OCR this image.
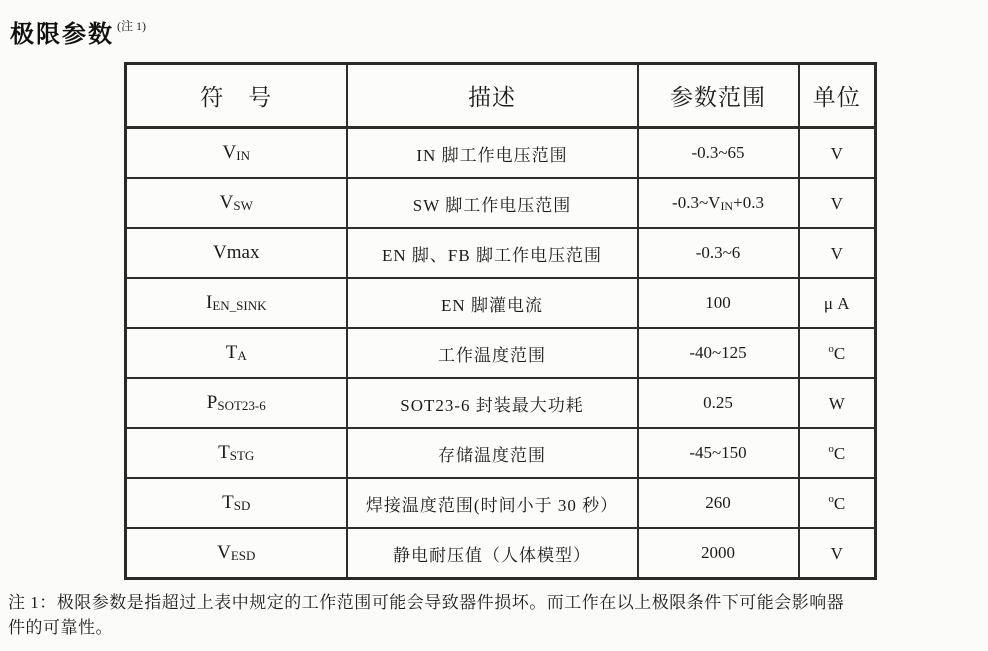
极限参数 $^{(注 1)}$
符　号	描述	参数范围	单位
VIN	IN 脚工作电压范围	-0.3~65	V
VSW	SW 脚工作电压范围	-0.3~VIN+0.3	V
Vmax	EN 脚、FB 脚工作电压范围	-0.3~6	V
IEN_SINK	EN 脚灌电流	100	μ A
TA	工作温度范围	-40~125	$^o$C
PSOT23-6	SOT23-6 封装最大功耗	0.25	W
TSTG	存储温度范围	-45~150	$^o$C
TSD	焊接温度范围(时间小于 30 秒）	260	$^o$C
VESD	静电耐压值（人体模型）	2000	V
注 1：极限参数是指超过上表中规定的工作范围可能会导致器件损坏。而工作在以上极限条件下可能会影响器
件的可靠性。
